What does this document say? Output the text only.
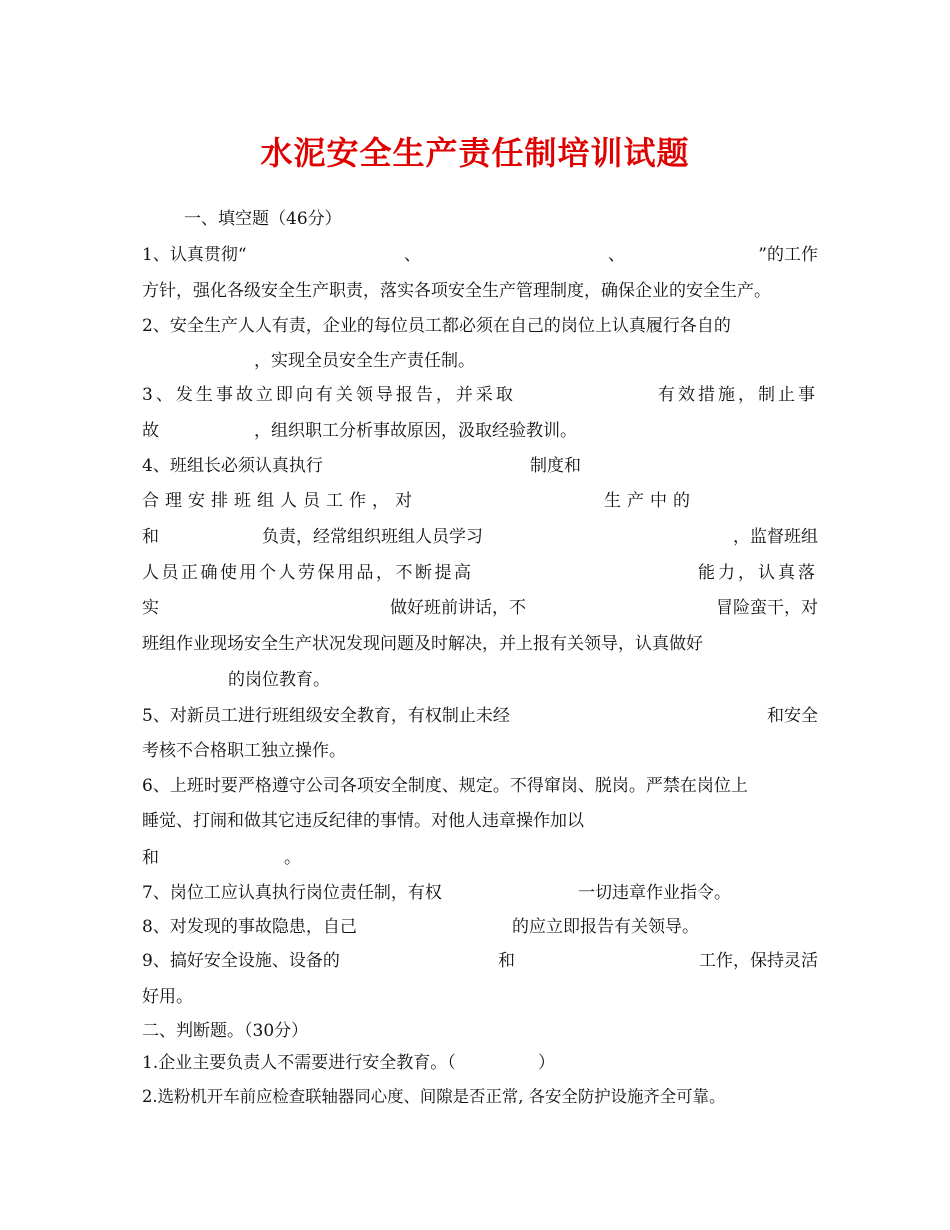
水泥安全生产责任制培训试题
一、填空题（46分）
1、认真贯彻“	、	、	”的工作
方针，强化各级安全生产职责，落实各项安全生产管理制度，确保企业的安全生产。
2、安全生产人人有责，企业的每位员工都必须在自己的岗位上认真履行各自的
，实现全员安全生产责任制。
3、发生事故立即向有关领导报告，并采取	有效措施，制止事
故	，组织职工分析事故原因，汲取经验教训。
4、班组长必须认真执行	制度和
合理安排班组人员工作，对	生产中的
和	负责，经常组织班组人员学习	，监督班组
人员正确使用个人劳保用品，不断提高	能力，认真落
实	做好班前讲话，不	冒险蛮干，对
班组作业现场安全生产状况发现问题及时解决，并上报有关领导，认真做好
的岗位教育。
5、对新员工进行班组级安全教育，有权制止未经	和安全
考核不合格职工独立操作。
6、上班时要严格遵守公司各项安全制度、规定。不得窜岗、脱岗。严禁在岗位上
睡觉、打闹和做其它违反纪律的事情。对他人违章操作加以
和	。
7、岗位工应认真执行岗位责任制，有权	一切违章作业指令。
8、对发现的事故隐患，自己	的应立即报告有关领导。
9、搞好安全设施、设备的	和	工作，保持灵活
好用。
二、判断题。（30分）
1.企业主要负责人不需要进行安全教育。（	）
2.选粉机开车前应检查联轴器同心度、间隙是否正常, 各安全防护设施齐全可靠。
